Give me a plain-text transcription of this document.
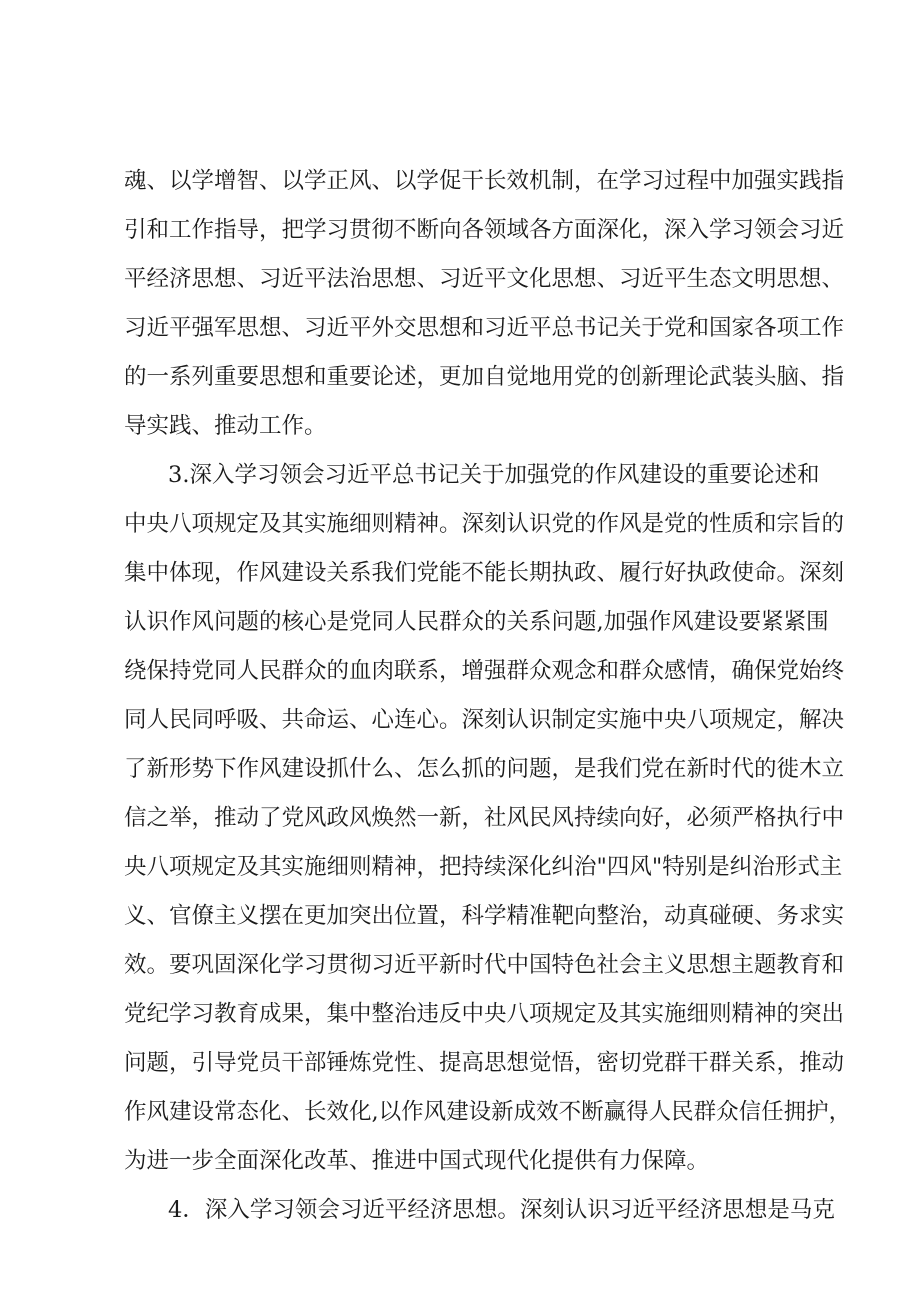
魂、以学增智、以学正风、以学促干长效机制，在学习过程中加强实践指
引和工作指导，把学习贯彻不断向各领域各方面深化，深入学习领会习近
平经济思想、习近平法治思想、习近平文化思想、习近平生态文明思想、
习近平强军思想、习近平外交思想和习近平总书记关于党和国家各项工作
的一系列重要思想和重要论述，更加自觉地用党的创新理论武装头脑、指
导实践、推动工作。
3.深入学习领会习近平总书记关于加强党的作风建设的重要论述和
中央八项规定及其实施细则精神。深刻认识党的作风是党的性质和宗旨的
集中体现，作风建设关系我们党能不能长期执政、履行好执政使命。深刻
认识作风问题的核心是党同人民群众的关系问题,加强作风建设要紧紧围
绕保持党同人民群众的血肉联系，增强群众观念和群众感情，确保党始终
同人民同呼吸、共命运、心连心。深刻认识制定实施中央八项规定，解决
了新形势下作风建设抓什么、怎么抓的问题，是我们党在新时代的徙木立
信之举，推动了党风政风焕然一新，社风民风持续向好，必须严格执行中
央八项规定及其实施细则精神，把持续深化纠治"四风"特别是纠治形式主
义、官僚主义摆在更加突出位置，科学精准靶向整治，动真碰硬、务求实
效。要巩固深化学习贯彻习近平新时代中国特色社会主义思想主题教育和
党纪学习教育成果，集中整治违反中央八项规定及其实施细则精神的突出
问题，引导党员干部锤炼党性、提高思想觉悟，密切党群干群关系，推动
作风建设常态化、长效化,以作风建设新成效不断赢得人民群众信任拥护，
为进一步全面深化改革、推进中国式现代化提供有力保障。
4．深入学习领会习近平经济思想。深刻认识习近平经济思想是马克
